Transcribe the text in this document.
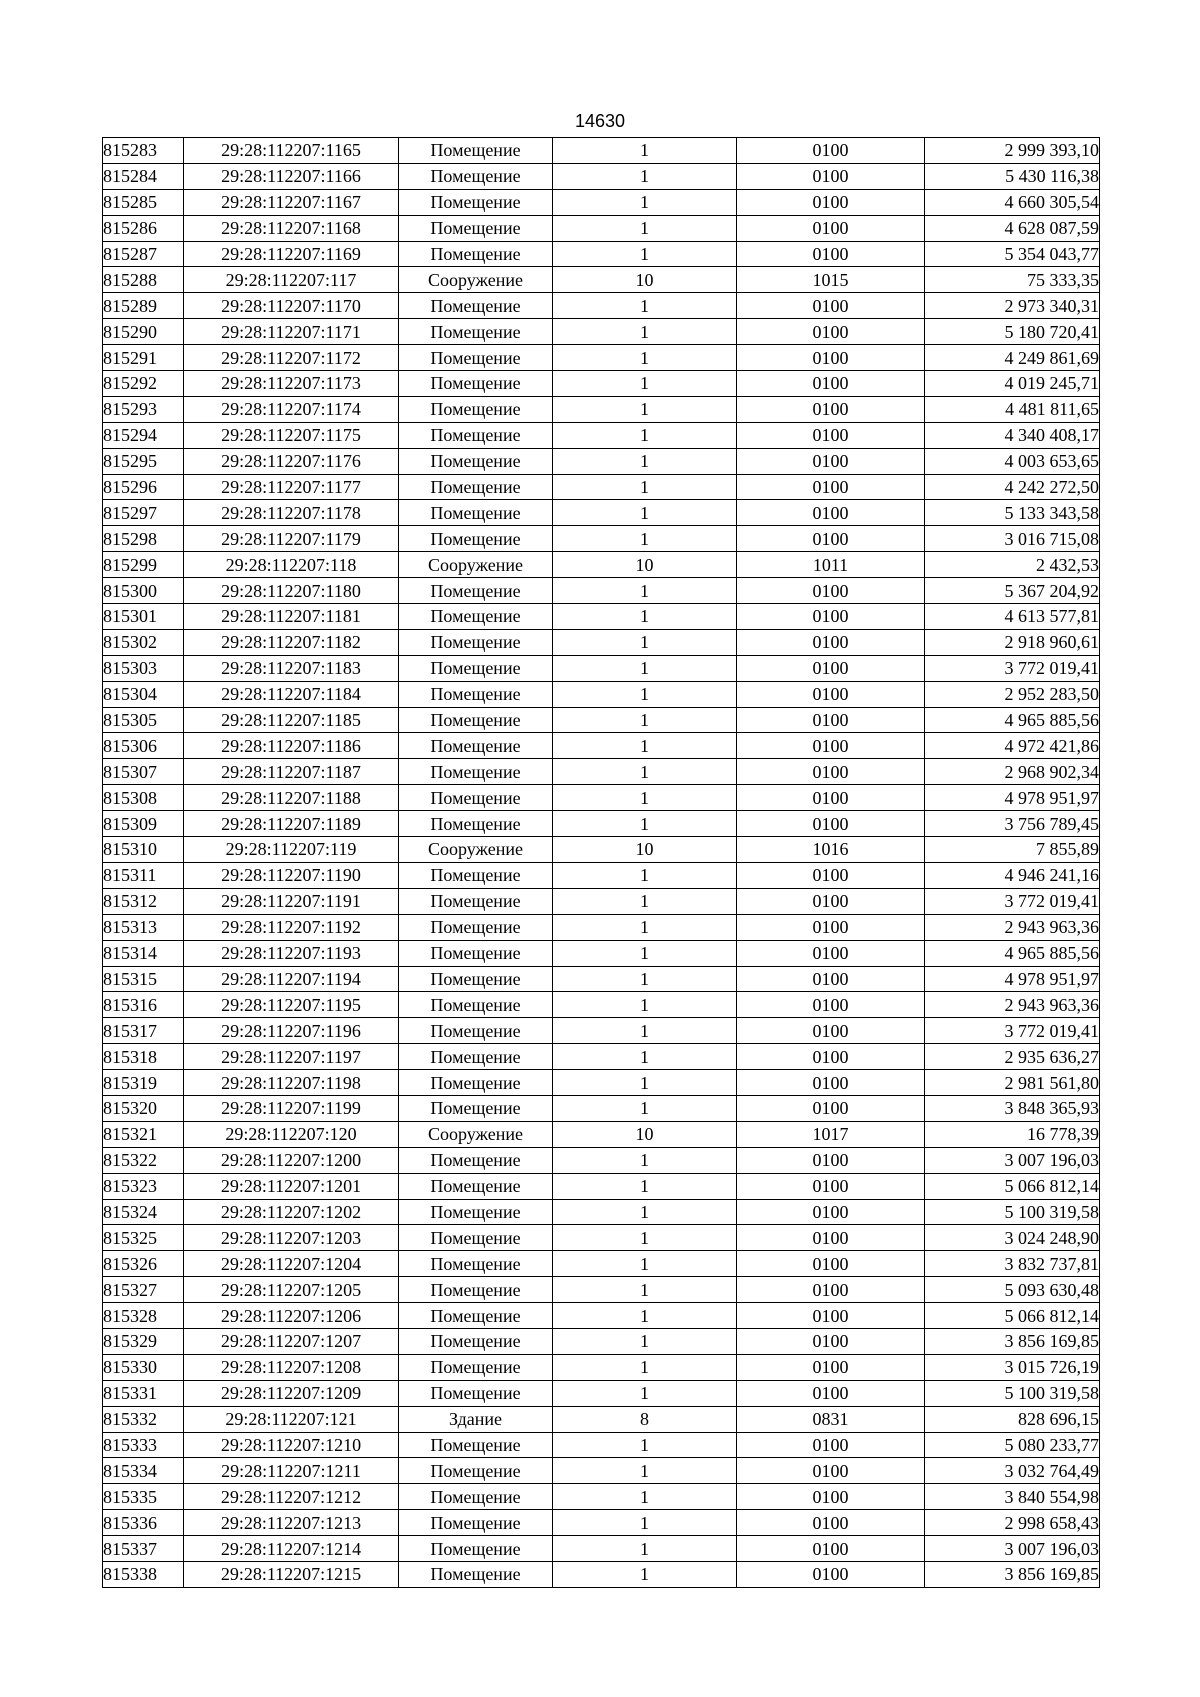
14630
815283	29:28:112207:1165	Помещение	1	0100	2 999 393,10
815284	29:28:112207:1166	Помещение	1	0100	5 430 116,38
815285	29:28:112207:1167	Помещение	1	0100	4 660 305,54
815286	29:28:112207:1168	Помещение	1	0100	4 628 087,59
815287	29:28:112207:1169	Помещение	1	0100	5 354 043,77
815288	29:28:112207:117	Сооружение	10	1015	75 333,35
815289	29:28:112207:1170	Помещение	1	0100	2 973 340,31
815290	29:28:112207:1171	Помещение	1	0100	5 180 720,41
815291	29:28:112207:1172	Помещение	1	0100	4 249 861,69
815292	29:28:112207:1173	Помещение	1	0100	4 019 245,71
815293	29:28:112207:1174	Помещение	1	0100	4 481 811,65
815294	29:28:112207:1175	Помещение	1	0100	4 340 408,17
815295	29:28:112207:1176	Помещение	1	0100	4 003 653,65
815296	29:28:112207:1177	Помещение	1	0100	4 242 272,50
815297	29:28:112207:1178	Помещение	1	0100	5 133 343,58
815298	29:28:112207:1179	Помещение	1	0100	3 016 715,08
815299	29:28:112207:118	Сооружение	10	1011	2 432,53
815300	29:28:112207:1180	Помещение	1	0100	5 367 204,92
815301	29:28:112207:1181	Помещение	1	0100	4 613 577,81
815302	29:28:112207:1182	Помещение	1	0100	2 918 960,61
815303	29:28:112207:1183	Помещение	1	0100	3 772 019,41
815304	29:28:112207:1184	Помещение	1	0100	2 952 283,50
815305	29:28:112207:1185	Помещение	1	0100	4 965 885,56
815306	29:28:112207:1186	Помещение	1	0100	4 972 421,86
815307	29:28:112207:1187	Помещение	1	0100	2 968 902,34
815308	29:28:112207:1188	Помещение	1	0100	4 978 951,97
815309	29:28:112207:1189	Помещение	1	0100	3 756 789,45
815310	29:28:112207:119	Сооружение	10	1016	7 855,89
815311	29:28:112207:1190	Помещение	1	0100	4 946 241,16
815312	29:28:112207:1191	Помещение	1	0100	3 772 019,41
815313	29:28:112207:1192	Помещение	1	0100	2 943 963,36
815314	29:28:112207:1193	Помещение	1	0100	4 965 885,56
815315	29:28:112207:1194	Помещение	1	0100	4 978 951,97
815316	29:28:112207:1195	Помещение	1	0100	2 943 963,36
815317	29:28:112207:1196	Помещение	1	0100	3 772 019,41
815318	29:28:112207:1197	Помещение	1	0100	2 935 636,27
815319	29:28:112207:1198	Помещение	1	0100	2 981 561,80
815320	29:28:112207:1199	Помещение	1	0100	3 848 365,93
815321	29:28:112207:120	Сооружение	10	1017	16 778,39
815322	29:28:112207:1200	Помещение	1	0100	3 007 196,03
815323	29:28:112207:1201	Помещение	1	0100	5 066 812,14
815324	29:28:112207:1202	Помещение	1	0100	5 100 319,58
815325	29:28:112207:1203	Помещение	1	0100	3 024 248,90
815326	29:28:112207:1204	Помещение	1	0100	3 832 737,81
815327	29:28:112207:1205	Помещение	1	0100	5 093 630,48
815328	29:28:112207:1206	Помещение	1	0100	5 066 812,14
815329	29:28:112207:1207	Помещение	1	0100	3 856 169,85
815330	29:28:112207:1208	Помещение	1	0100	3 015 726,19
815331	29:28:112207:1209	Помещение	1	0100	5 100 319,58
815332	29:28:112207:121	Здание	8	0831	828 696,15
815333	29:28:112207:1210	Помещение	1	0100	5 080 233,77
815334	29:28:112207:1211	Помещение	1	0100	3 032 764,49
815335	29:28:112207:1212	Помещение	1	0100	3 840 554,98
815336	29:28:112207:1213	Помещение	1	0100	2 998 658,43
815337	29:28:112207:1214	Помещение	1	0100	3 007 196,03
815338	29:28:112207:1215	Помещение	1	0100	3 856 169,85
